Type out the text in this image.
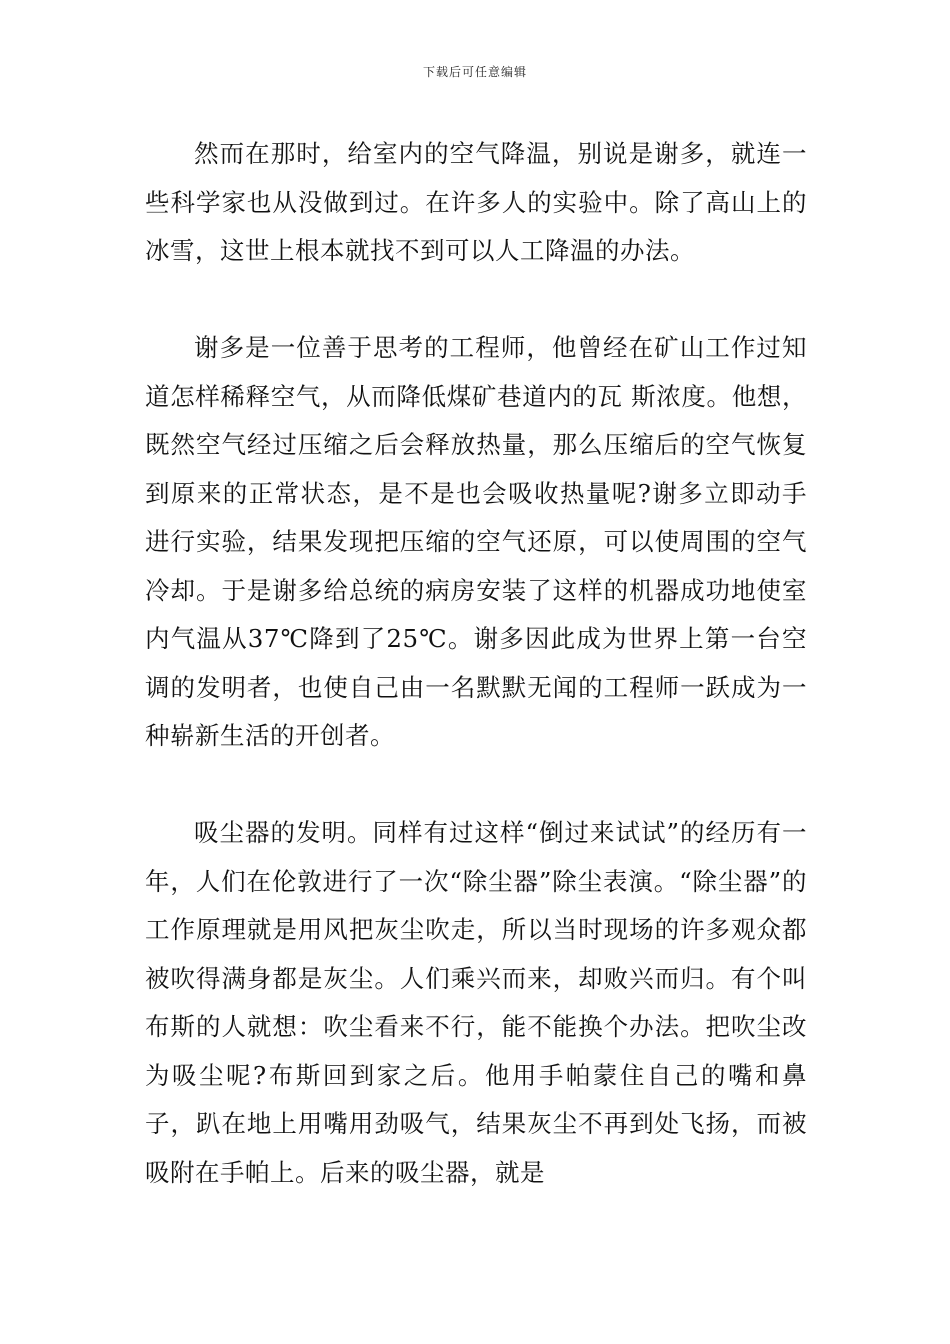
下载后可任意编辑

然而在那时，给室内的空气降温，别说是谢多，就连一些科学家也从没做到过。在许多人的实验中。除了高山上的冰雪，这世上根本就找不到可以人工降温的办法。

谢多是一位善于思考的工程师，他曾经在矿山工作过知道怎样稀释空气，从而降低煤矿巷道内的瓦 斯浓度。他想，既然空气经过压缩之后会释放热量，那么压缩后的空气恢复到原来的正常状态，是不是也会吸收热量呢?谢多立即动手进行实验，结果发现把压缩的空气还原，可以使周围的空气冷却。于是谢多给总统的病房安装了这样的机器成功地使室内气温从37℃降到了25℃。谢多因此成为世界上第一台空调的发明者，也使自己由一名默默无闻的工程师一跃成为一种崭新生活的开创者。

吸尘器的发明。同样有过这样“倒过来试试”的经历有一年，人们在伦敦进行了一次“除尘器”除尘表演。“除尘器”的工作原理就是用风把灰尘吹走，所以当时现场的许多观众都被吹得满身都是灰尘。人们乘兴而来，却败兴而归。有个叫布斯的人就想：吹尘看来不行，能不能换个办法。把吹尘改为吸尘呢?布斯回到家之后。他用手帕蒙住自己的嘴和鼻子，趴在地上用嘴用劲吸气，结果灰尘不再到处飞扬，而被吸附在手帕上。后来的吸尘器，就是
